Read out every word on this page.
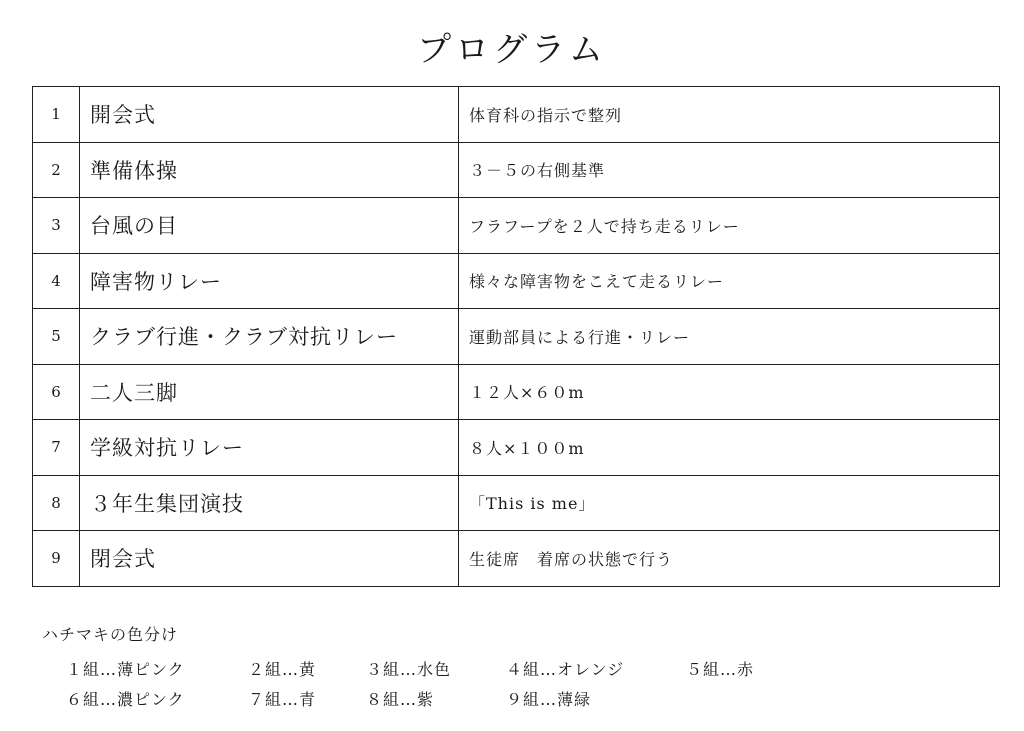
プログラム
1	開会式	体育科の指示で整列
2	準備体操	３－５の右側基準
3	台風の目	フラフープを２人で持ち走るリレー
4	障害物リレー	様々な障害物をこえて走るリレー
5	クラブ行進・クラブ対抗リレー	運動部員による行進・リレー
6	二人三脚	１２人×６０m
7	学級対抗リレー	８人×１００m
8	３年生集団演技	「This is me」
9	閉会式	生徒席　着席の状態で行う
ハチマキの色分け
１組…薄ピンク	２組…黄	３組…水色	４組…オレンジ	５組…赤
６組…濃ピンク	７組…青	８組…紫	９組…薄緑
